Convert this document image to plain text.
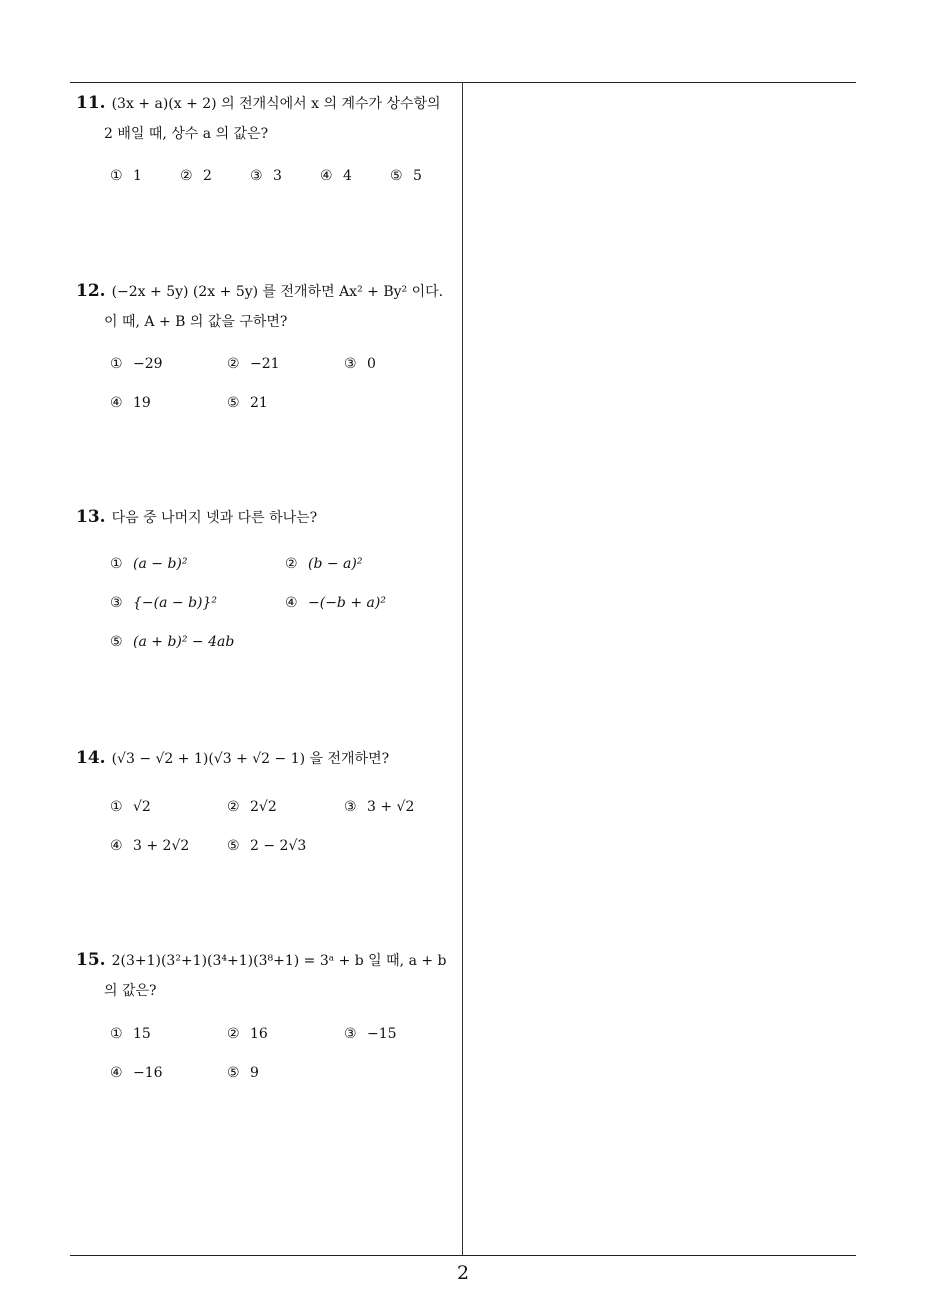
11. (3x + a)(x + 2) 의 전개식에서 x 의 계수가 상수항의
2 배일 때, 상수 a 의 값은?
① 1	② 2	③ 3	④ 4	⑤ 5
12. (−2x + 5y) (2x + 5y) 를 전개하면 Ax² + By² 이다.
이 때, A + B 의 값을 구하면?
① −29	② −21	③ 0
④ 19	⑤ 21
13. 다음 중 나머지 넷과 다른 하나는?
① (a − b)²	② (b − a)²
③ {−(a − b)}²	④ −(−b + a)²
⑤ (a + b)² − 4ab
14. (√3 − √2 + 1)(√3 + √2 − 1) 을 전개하면?
① √2	② 2√2	③ 3 + √2
④ 3 + 2√2	⑤ 2 − 2√3
15. 2(3+1)(3²+1)(3⁴+1)(3⁸+1) = 3ᵃ + b 일 때, a + b
의 값은?
① 15	② 16	③ −15
④ −16	⑤ 9
2
